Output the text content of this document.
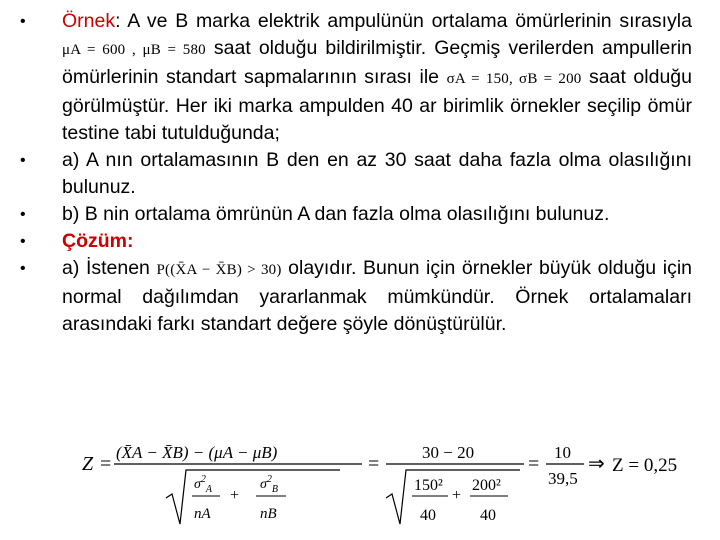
•	Örnek: A ve B marka elektrik ampulünün ortalama ömürlerinin sırasıyla μA = 600 , μB = 580 saat olduğu bildirilmiştir. Geçmiş verilerden ampullerin ömürlerinin standart sapmalarının sırası ile σA = 150, σB = 200 saat olduğu görülmüştür. Her iki marka ampulden 40 ar birimlik örnekler seçilip ömür testine tabi tutulduğunda;
•	a) A nın ortalamasının B den en az 30 saat daha fazla olma olasılığını bulunuz.
•	b) B nin ortalama ömrünün A dan fazla olma olasılığını bulunuz.
•	Çözüm:
•	a) İstenen P((X̄A − X̄B) > 30) olayıdır. Bunun için örnekler büyük olduğu için normal dağılımdan yararlanmak mümkündür. Örnek ortalamaları arasındaki farkı standart değere şöyle dönüştürülür.
Z =
(X̄A − X̄B) − (μA − μB)
$\sigma^2_A$
nA
+
$\sigma^2_B$
nB
=
30 − 20
150²
40
+
200²
40
=
10
39,5
⇒ Z = 0,25
